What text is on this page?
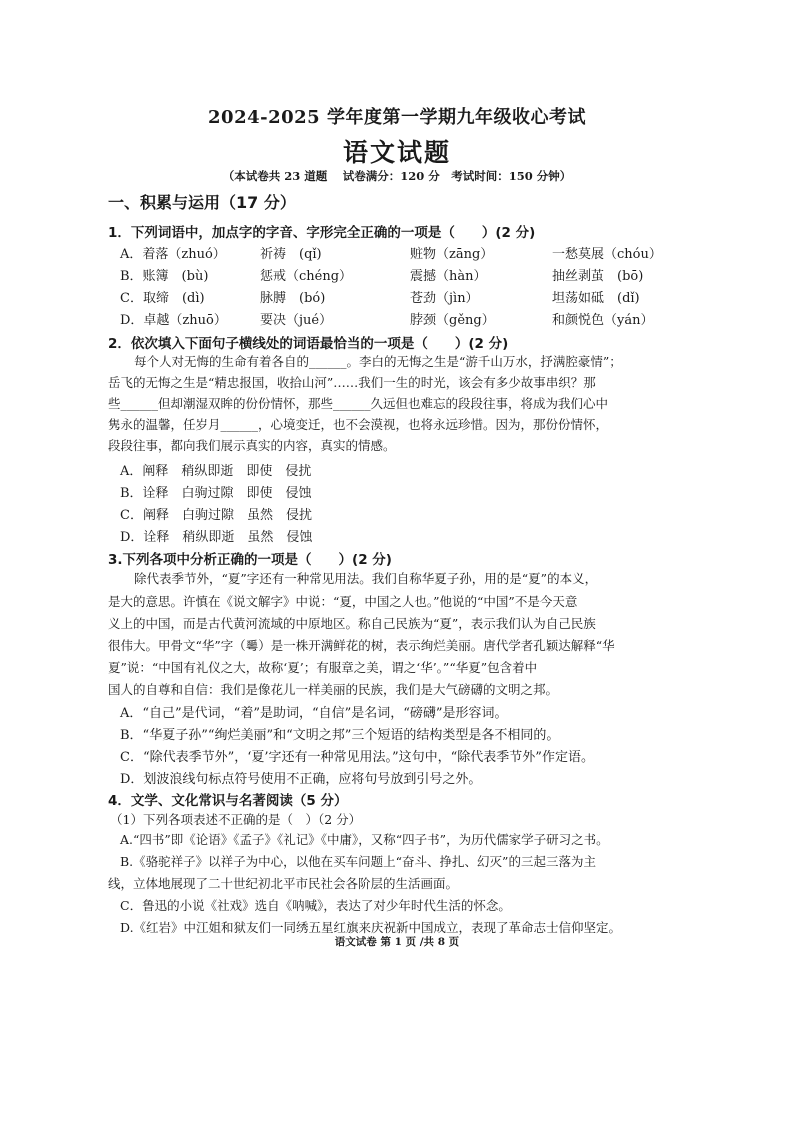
2024-2025 学年度第一学期九年级收心考试
语文试题
（本试卷共 23 道题　 试卷满分：120 分　考试时间：150 分钟）
一、积累与运用（17 分）
1．下列词语中，加点字的字音、字形完全正确的一项是（　　）(2 分)
A．着落（zhuó）	祈祷　(qǐ)	赃物（zāng）	一愁莫展（chóu）
B．账簿　(bù)	惩戒（chéng）	震撼（hàn）	抽丝剥茧　(bō)
C．取缔　(dì)	脉膊　(bó)	苍劲（jìn）	坦荡如砥　(dǐ)
D．卓越（zhuō）	要决（jué）	脖颈（gěng）	和颜悦色（yán）
2．依次填入下面句子横线处的词语最恰当的一项是（　　）(2 分)
每个人对无悔的生命有着各自的______。李白的无悔之生是“游千山万水，抒满腔豪情”；
岳飞的无悔之生是“精忠报国，收拾山河”……我们一生的时光，该会有多少故事串织？那
些______但却潮湿双眸的份份情怀，那些______久远但也难忘的段段往事，将成为我们心中
隽永的温馨，任岁月______，心境变迁，也不会漠视，也将永远珍惜。因为，那份份情怀，
段段往事，都向我们展示真实的内容，真实的情感。
A．阐释　稍纵即逝　即使　侵扰
B．诠释　白驹过隙　即使　侵蚀
C．阐释　白驹过隙　虽然　侵扰
D．诠释　稍纵即逝　虽然　侵蚀
3.下列各项中分析正确的一项是（　　）(2 分)
除代表季节外，“夏”字还有一种常见用法。我们自称华夏子孙，用的是“夏”的本义，
是大的意思。许慎在《说文解字》中说：“夏，中国之人也。”他说的“中国”不是今天意
义上的中国，而是古代黄河流域的中原地区。称自己民族为“夏”，表示我们认为自己民族
很伟大。甲骨文“华”字（𠌶）是一株开满鲜花的树，表示绚烂美丽。唐代学者孔颖达解释“华
夏”说：“中国有礼仪之大，故称‘夏’；有服章之美，谓之‘华’。”“华夏”包含着中
国人的自尊和自信：我们是像花儿一样美丽的民族，我们是大气磅礴的文明之邦。
A．“自己”是代词，“着”是助词，“自信”是名词，“磅礴”是形容词。
B．“华夏子孙”“绚烂美丽”和“文明之邦”三个短语的结构类型是各不相同的。
C．“除代表季节外”，‘夏’字还有一种常见用法。”这句中，“除代表季节外”作定语。
D．划波浪线句标点符号使用不正确，应将句号放到引号之外。
4．文学、文化常识与名著阅读（5 分）
（1）下列各项表述不正确的是（　）（2 分）
A.“四书”即《论语》《孟子》《礼记》《中庸》，又称“四子书”，为历代儒家学子研习之书。
B.《骆驼祥子》以祥子为中心，以他在买车问题上“奋斗、挣扎、幻灭”的三起三落为主
线，立体地展现了二十世纪初北平市民社会各阶层的生活画面。
C．鲁迅的小说《社戏》选自《呐喊》，表达了对少年时代生活的怀念。
D.《红岩》中江姐和狱友们一同绣五星红旗来庆祝新中国成立，表现了革命志士信仰坚定。
语文试卷 第 1 页 /共 8 页
